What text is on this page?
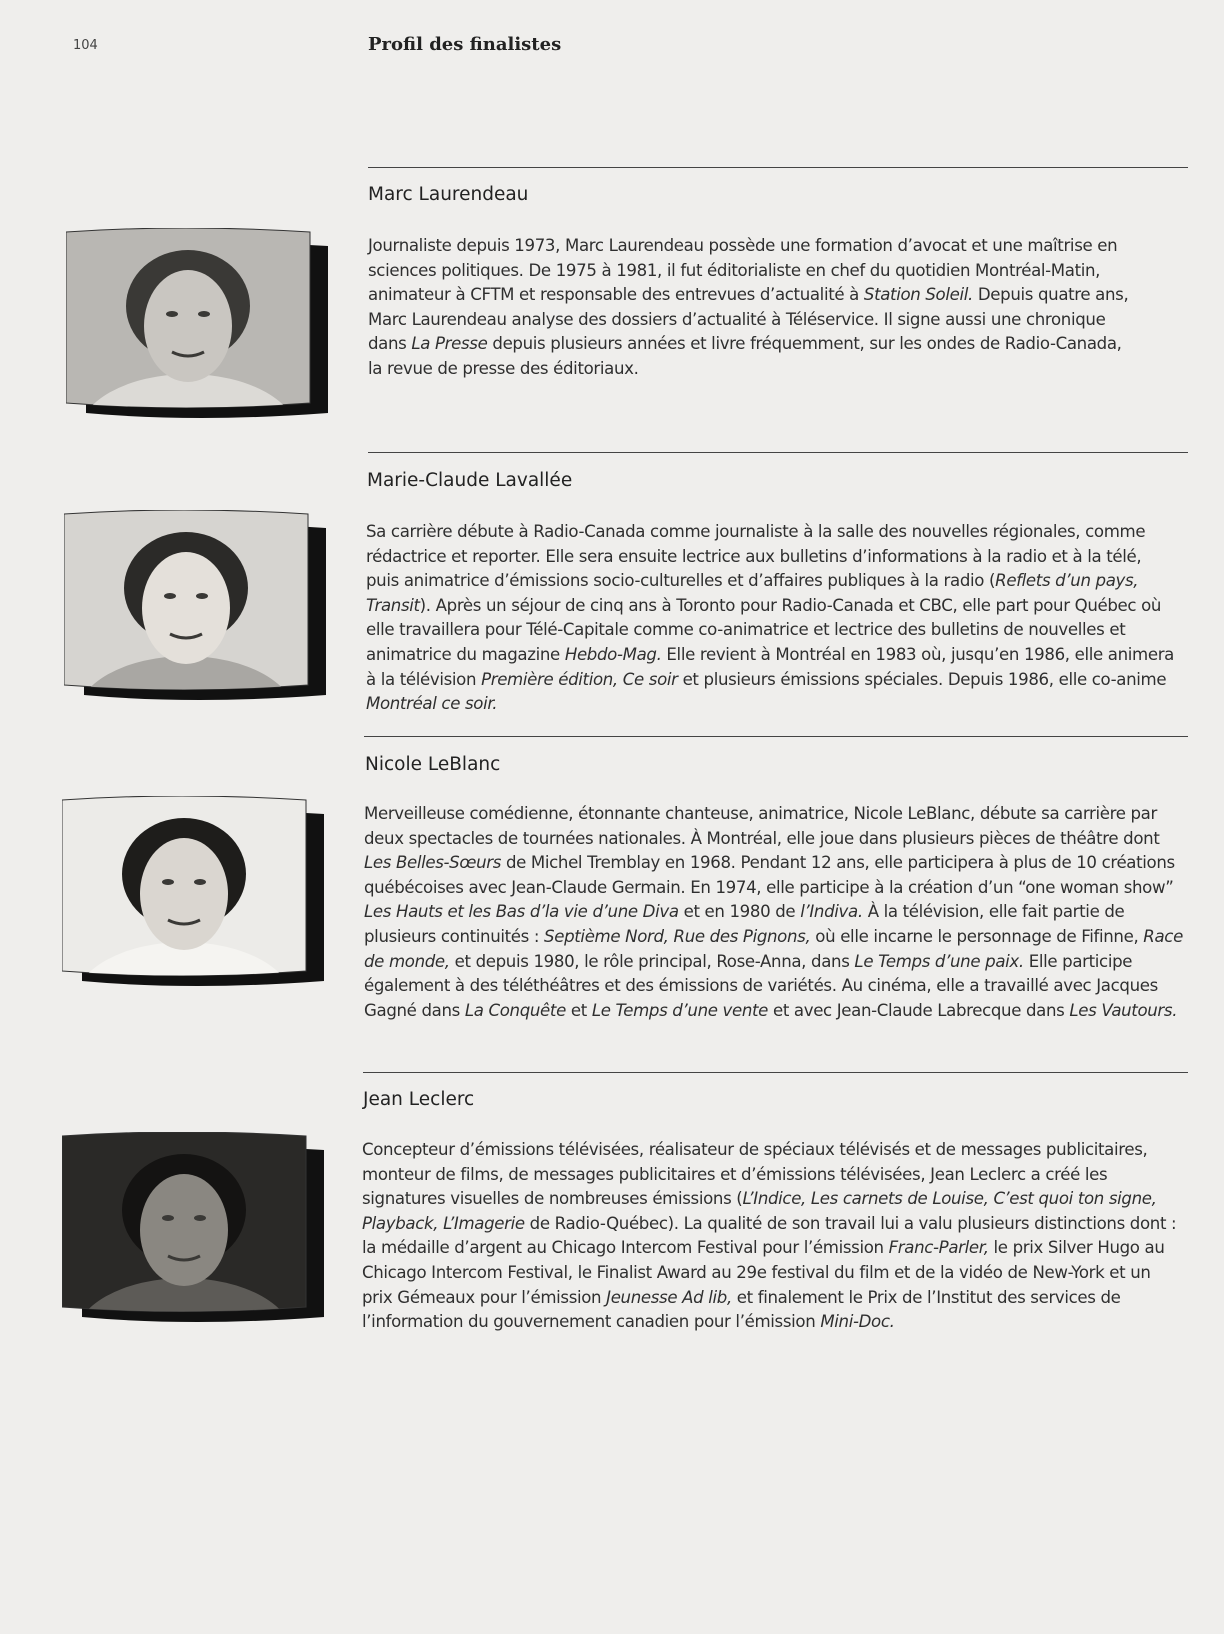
104	Profil des finalistes
Marc Laurendeau

Journaliste depuis 1973, Marc Laurendeau possède une formation d’avocat et une maîtrise en sciences politiques. De 1975 à 1981, il fut éditorialiste en chef du quotidien Montréal-Matin, animateur à CFTM et responsable des entrevues d’actualité à Station Soleil. Depuis quatre ans, Marc Laurendeau analyse des dossiers d’actualité à Téléservice. Il signe aussi une chronique dans La Presse depuis plusieurs années et livre fréquemment, sur les ondes de Radio-Canada, la revue de presse des éditoriaux.

Marie-Claude Lavallée

Sa carrière débute à Radio-Canada comme journaliste à la salle des nouvelles régionales, comme rédactrice et reporter. Elle sera ensuite lectrice aux bulletins d’informations à la radio et à la télé, puis animatrice d’émissions socio-culturelles et d’affaires publiques à la radio (Reflets d’un pays, Transit). Après un séjour de cinq ans à Toronto pour Radio-Canada et CBC, elle part pour Québec où elle travaillera pour Télé-Capitale comme co-animatrice et lectrice des bulletins de nouvelles et animatrice du magazine Hebdo-Mag. Elle revient à Montréal en 1983 où, jusqu’en 1986, elle animera à la télévision Première édition, Ce soir et plusieurs émissions spéciales. Depuis 1986, elle co-anime Montréal ce soir.

Nicole LeBlanc

Merveilleuse comédienne, étonnante chanteuse, animatrice, Nicole LeBlanc, débute sa carrière par deux spectacles de tournées nationales. À Montréal, elle joue dans plusieurs pièces de théâtre dont Les Belles-Sœurs de Michel Tremblay en 1968. Pendant 12 ans, elle participera à plus de 10 créations québécoises avec Jean-Claude Germain. En 1974, elle participe à la création d’un “one woman show” Les Hauts et les Bas d’la vie d’une Diva et en 1980 de l’Indiva. À la télévision, elle fait partie de plusieurs continuités : Septième Nord, Rue des Pignons, où elle incarne le personnage de Fifinne, Race de monde, et depuis 1980, le rôle principal, Rose-Anna, dans Le Temps d’une paix. Elle participe également à des téléthéâtres et des émissions de variétés. Au cinéma, elle a travaillé avec Jacques Gagné dans La Conquête et Le Temps d’une vente et avec Jean-Claude Labrecque dans Les Vautours.

Jean Leclerc

Concepteur d’émissions télévisées, réalisateur de spéciaux télévisés et de messages publicitaires, monteur de films, de messages publicitaires et d’émissions télévisées, Jean Leclerc a créé les signatures visuelles de nombreuses émissions (L’Indice, Les carnets de Louise, C’est quoi ton signe, Playback, L’Imagerie de Radio-Québec). La qualité de son travail lui a valu plusieurs distinctions dont : la médaille d’argent au Chicago Intercom Festival pour l’émission Franc-Parler, le prix Silver Hugo au Chicago Intercom Festival, le Finalist Award au 29e festival du film et de la vidéo de New-York et un prix Gémeaux pour l’émission Jeunesse Ad lib, et finalement le Prix de l’Institut des services de l’information du gouvernement canadien pour l’émission Mini-Doc.
